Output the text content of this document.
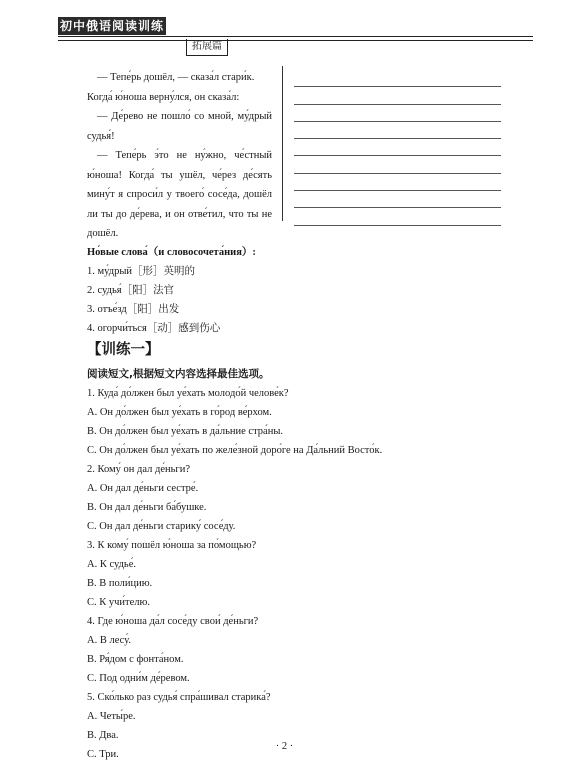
初中俄语阅读训练
拓展篇

— Тепе́рь дошёл, — сказа́л стари́к.

Когда́ ю́ноша верну́лся, он сказа́л:

— Де́рево не пошло́ со мной, му́дрый судья́!

— Тепе́рь э́то не ну́жно, че́стный ю́ноша! Когда́ ты ушёл, че́рез де́сять мину́т я спроси́л у твоего́ сосе́да, дошёл ли ты до де́рева, и он отве́тил, что ты не дошёл.

Но́вые слова́（и словосочета́ния）:
1. му́дрый［形］英明的
2. судья́［阳］法官
3. отъе́зд［阳］出发
4. огорчи́ться［动］感到伤心
【训练一】
阅读短文,根据短文内容选择最佳选项。
1. Куда́ до́лжен был уе́хать молодо́й челове́к?
A. Он до́лжен был уе́хать в го́род ве́рхом.
B. Он до́лжен был уе́хать в да́льние стра́ны.
C. Он до́лжен был уе́хать по желе́зной доро́ге на Да́льний Восто́к.
2. Кому́ он дал де́ньги?
A. Он дал де́ньги сестре́.
B. Он дал де́ньги ба́бушке.
C. Он дал де́ньги старику́ сосе́ду.
3. К кому́ пошёл ю́ноша за по́мощью?
A. К судье́.
B. В поли́цию.
C. К учи́телю.
4. Где ю́ноша да́л сосе́ду свои́ де́ньги?
A. В лесу́.
B. Ря́дом с фонта́ном.
C. Под одни́м де́ревом.
5. Ско́лько раз судья́ спра́шивал старика́?
A. Четы́ре.
B. Два.
C. Три.
· 2 ·
